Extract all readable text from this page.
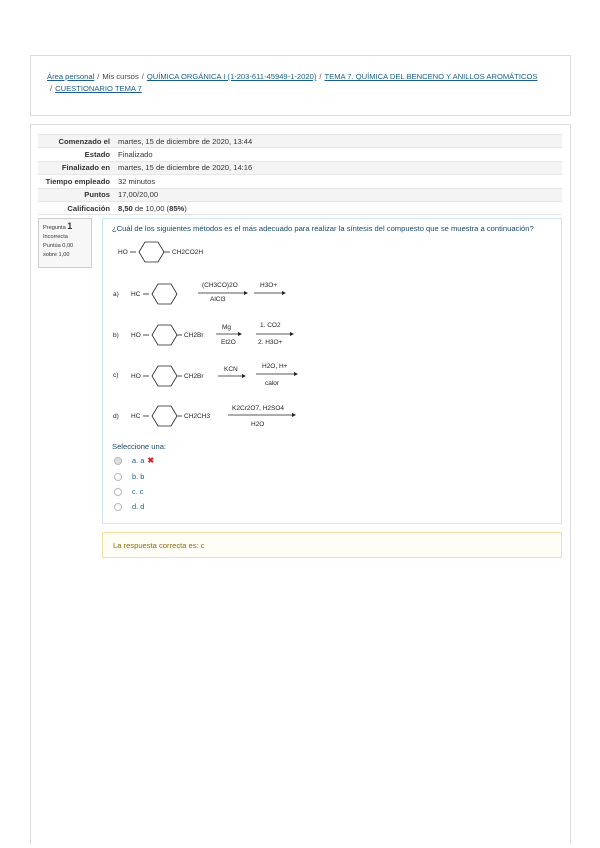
Área personal / Mis cursos / QUÍMICA ORGÁNICA I (1-203-611-45949-1-2020) / TEMA 7. QUÍMICA DEL BENCENO Y ANILLOS AROMÁTICOS
/ CUESTIONARIO TEMA 7
Comenzado el	martes, 15 de diciembre de 2020, 13:44
Estado	Finalizado
Finalizado en	martes, 15 de diciembre de 2020, 14:16
Tiempo empleado	32 minutos
Puntos	17,00/20,00
Calificación	8,50 de 10,00 (85%)
Pregunta 1
Incorrecta
Puntúa 0,00
sobre 1,00
¿Cuál de los siguientes métodos es el más adecuado para realizar la síntesis del compuesto que se muestra a continuación?
HO	CH2CO2H
a) HC
(CH3CO)2O
AlCl3
H3O+
b) HO	CH2Br
Mg
Et2O
1. CO2
2. H3O+
c) HO	CH2Br
KCN	H2O, H+
calor
d) HC	CH2CH3
K2Cr2O7, H2SO4
H2O
Seleccione una:
a. a ✖
b. b
c. c
d. d
La respuesta correcta es: c
